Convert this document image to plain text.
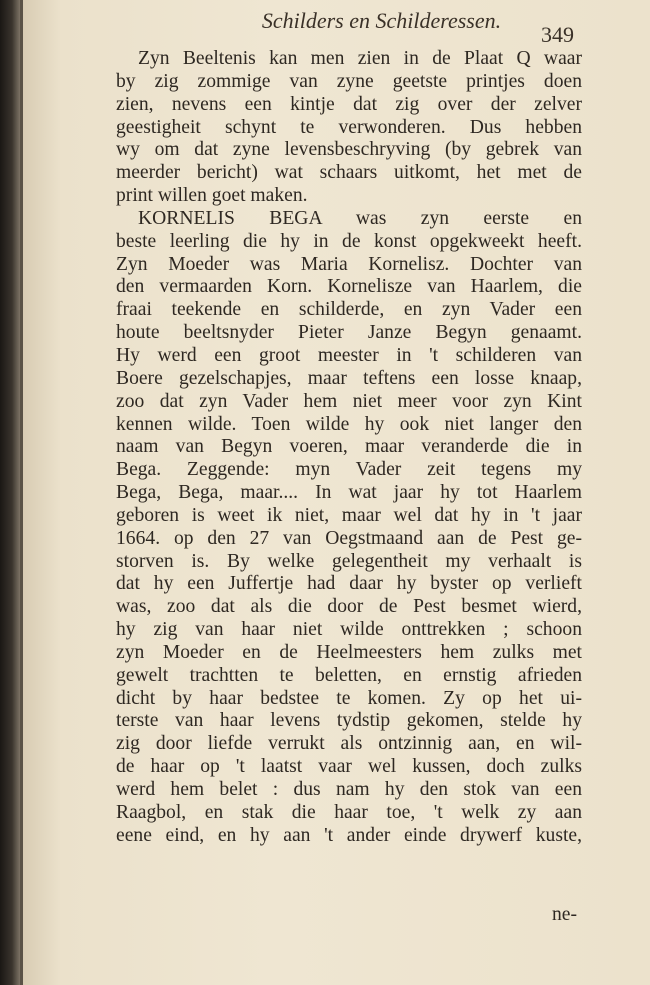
Schilders en Schilderessen.
349
Zyn Beeltenis kan men zien in de Plaat Q waar
by zig zommige van zyne geetste printjes doen
zien, nevens een kintje dat zig over der zelver
geestigheit schynt te verwonderen. Dus hebben
wy om dat zyne levensbeschryving (by gebrek van
meerder bericht) wat schaars uitkomt, het met de
print willen goet maken.
KORNELIS BEGA was zyn eerste en
beste leerling die hy in de konst opgekweekt heeft.
Zyn Moeder was Maria Kornelisz. Dochter van
den vermaarden Korn. Kornelisze van Haarlem, die
fraai teekende en schilderde, en zyn Vader een
houte beeltsnyder Pieter Janze Begyn genaamt.
Hy werd een groot meester in 't schilderen van
Boere gezelschapjes, maar teftens een losse knaap,
zoo dat zyn Vader hem niet meer voor zyn Kint
kennen wilde. Toen wilde hy ook niet langer den
naam van Begyn voeren, maar veranderde die in
Bega. Zeggende: myn Vader zeit tegens my
Bega, Bega, maar.... In wat jaar hy tot Haarlem
geboren is weet ik niet, maar wel dat hy in 't jaar
1664. op den 27 van Oegstmaand aan de Pest ge-
storven is. By welke gelegentheit my verhaalt is
dat hy een Juffertje had daar hy byster op verlieft
was, zoo dat als die door de Pest besmet wierd,
hy zig van haar niet wilde onttrekken ; schoon
zyn Moeder en de Heelmeesters hem zulks met
gewelt trachtten te beletten, en ernstig afrieden
dicht by haar bedstee te komen. Zy op het ui-
terste van haar levens tydstip gekomen, stelde hy
zig door liefde verrukt als ontzinnig aan, en wil-
de haar op 't laatst vaar wel kussen, doch zulks
werd hem belet : dus nam hy den stok van een
Raagbol, en stak die haar toe, 't welk zy aan
eene eind, en hy aan 't ander einde drywerf kuste,
ne-
